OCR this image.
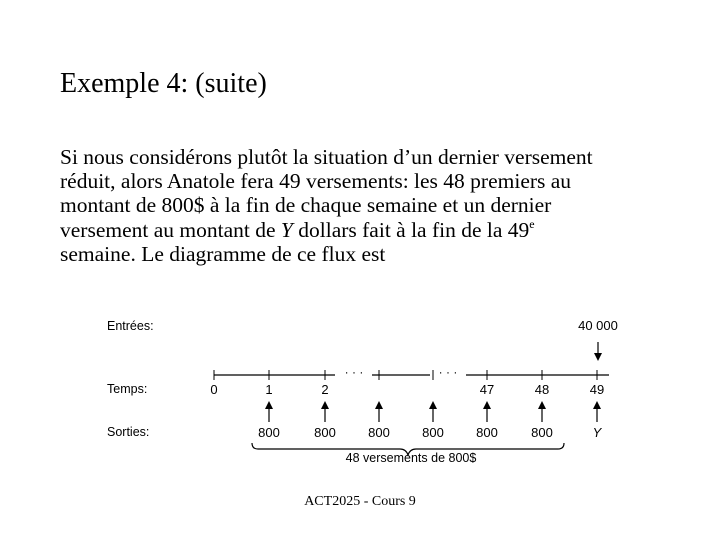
Exemple 4: (suite)
Si nous considérons plutôt la situation d’un dernier versement
réduit, alors Anatole fera 49 versements: les 48 premiers au
montant de 800$ à la fin de chaque semaine et un dernier
versement au montant de Y dollars fait à la fin de la 49e
semaine. Le diagramme de ce flux est
Entrées:
Temps:
Sorties:
40 000
· · ·	· · ·
0	1	2	47	48	49
800	800 800 800 800	800	Y
48 versements de 800$
ACT2025 - Cours 9
